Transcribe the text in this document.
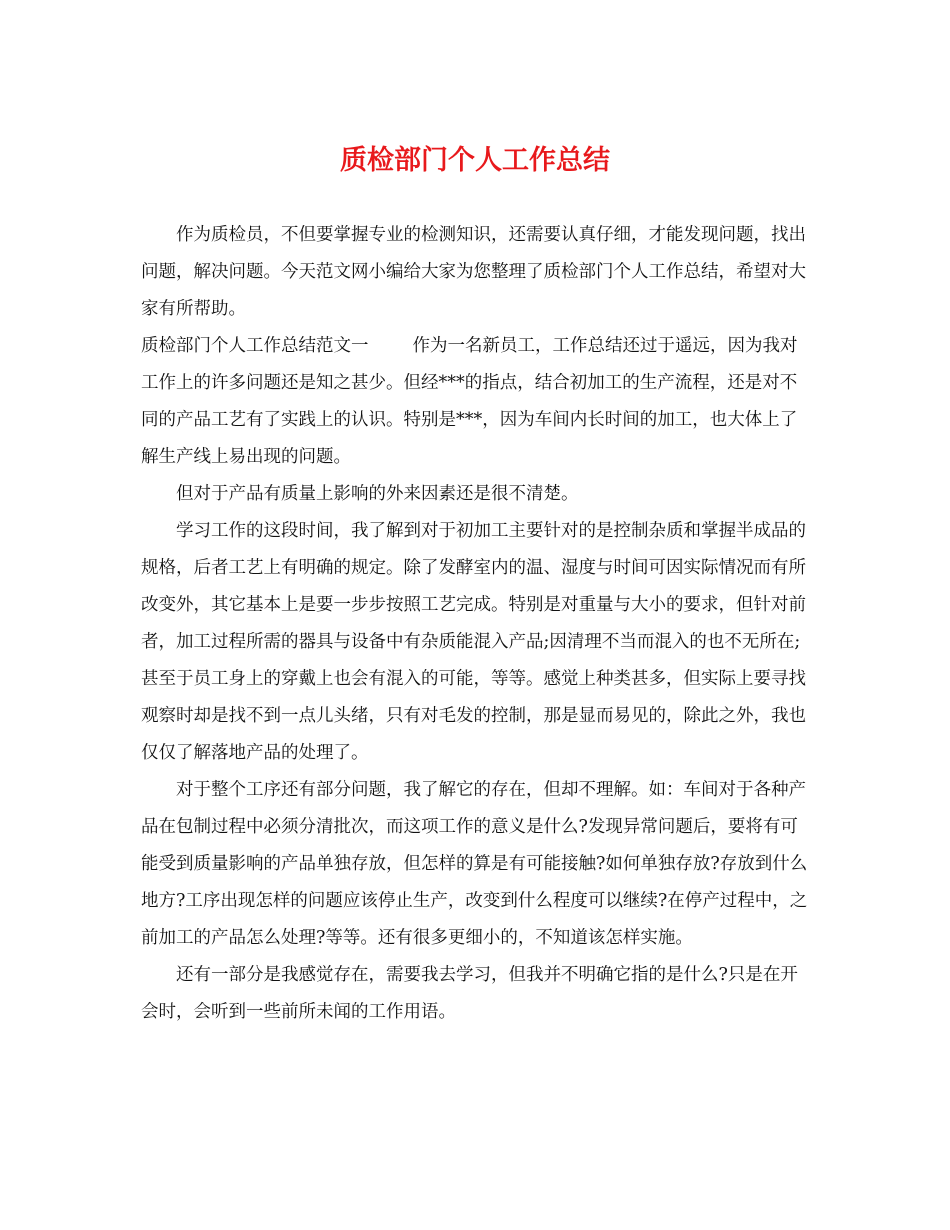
质检部门个人工作总结

作为质检员，不但要掌握专业的检测知识，还需要认真仔细，才能发现问题，找出问题，解决问题。今天范文网小编给大家为您整理了质检部门个人工作总结，希望对大家有所帮助。

质检部门个人工作总结范文一	作为一名新员工，工作总结还过于遥远，因为我对工作上的许多问题还是知之甚少。但经***的指点，结合初加工的生产流程，还是对不同的产品工艺有了实践上的认识。特别是***，因为车间内长时间的加工，也大体上了解生产线上易出现的问题。

但对于产品有质量上影响的外来因素还是很不清楚。

学习工作的这段时间，我了解到对于初加工主要针对的是控制杂质和掌握半成品的规格，后者工艺上有明确的规定。除了发酵室内的温、湿度与时间可因实际情况而有所改变外，其它基本上是要一步步按照工艺完成。特别是对重量与大小的要求，但针对前者，加工过程所需的器具与设备中有杂质能混入产品;因清理不当而混入的也不无所在;甚至于员工身上的穿戴上也会有混入的可能，等等。感觉上种类甚多，但实际上要寻找观察时却是找不到一点儿头绪，只有对毛发的控制，那是显而易见的，除此之外，我也仅仅了解落地产品的处理了。

对于整个工序还有部分问题，我了解它的存在，但却不理解。如：车间对于各种产品在包制过程中必须分清批次，而这项工作的意义是什么?发现异常问题后，要将有可能受到质量影响的产品单独存放，但怎样的算是有可能接触?如何单独存放?存放到什么地方?工序出现怎样的问题应该停止生产，改变到什么程度可以继续?在停产过程中，之前加工的产品怎么处理?等等。还有很多更细小的，不知道该怎样实施。

还有一部分是我感觉存在，需要我去学习，但我并不明确它指的是什么?只是在开会时，会听到一些前所未闻的工作用语。
